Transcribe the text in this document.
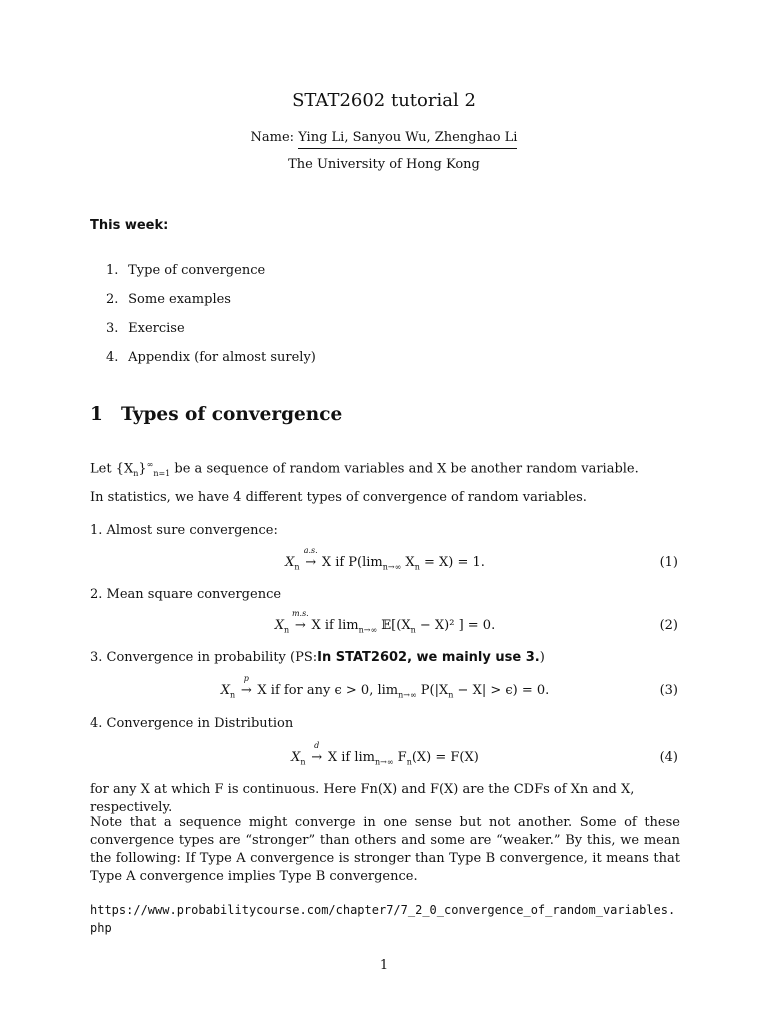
STAT2602 tutorial 2
Name: Ying Li, Sanyou Wu, Zhenghao Li
The University of Hong Kong
This week:
1. Type of convergence
2. Some examples
3. Exercise
4. Appendix (for almost surely)
1 Types of convergence
Let $\{X_n\}^\infty_{n=1}$ be a sequence of random variables and X be another random variable.
In statistics, we have 4 different types of convergence of random variables.
1. Almost sure convergence:
$X_n$
a.s.
→ X if $P(\lim_{n\to\infty}$ $X_n = X) = 1$.	(1)
2. Mean square convergence
$X_n$
m.s.
→ X if $\lim_{n\to\infty}$ $𝔼[(X_n - X)^2$ ] = 0.	(2)
3. Convergence in probability (PS:In STAT2602, we mainly use 3.)
$X_n$
p
→ X if for any ϵ > 0, $\lim_{n\to\infty} P(|X_n - X| > \epsilon) = 0$.	(3)
4. Convergence in Distribution
$X_n$
d
→ X if $\lim_{n\to\infty} F_n(X) = F(X)$	(4)
for any X at which F is continuous. Here Fn(X) and F(X) are the CDFs of Xn and X, respectively.
Note that a sequence might converge in one sense but not another. Some of these convergence types are “stronger” than others and some are “weaker.” By this, we mean the following: If Type A convergence is stronger than Type B convergence, it means that Type A convergence implies Type B convergence.
https://www.probabilitycourse.com/chapter7/7_2_0_convergence_of_random_variables.
php
1
